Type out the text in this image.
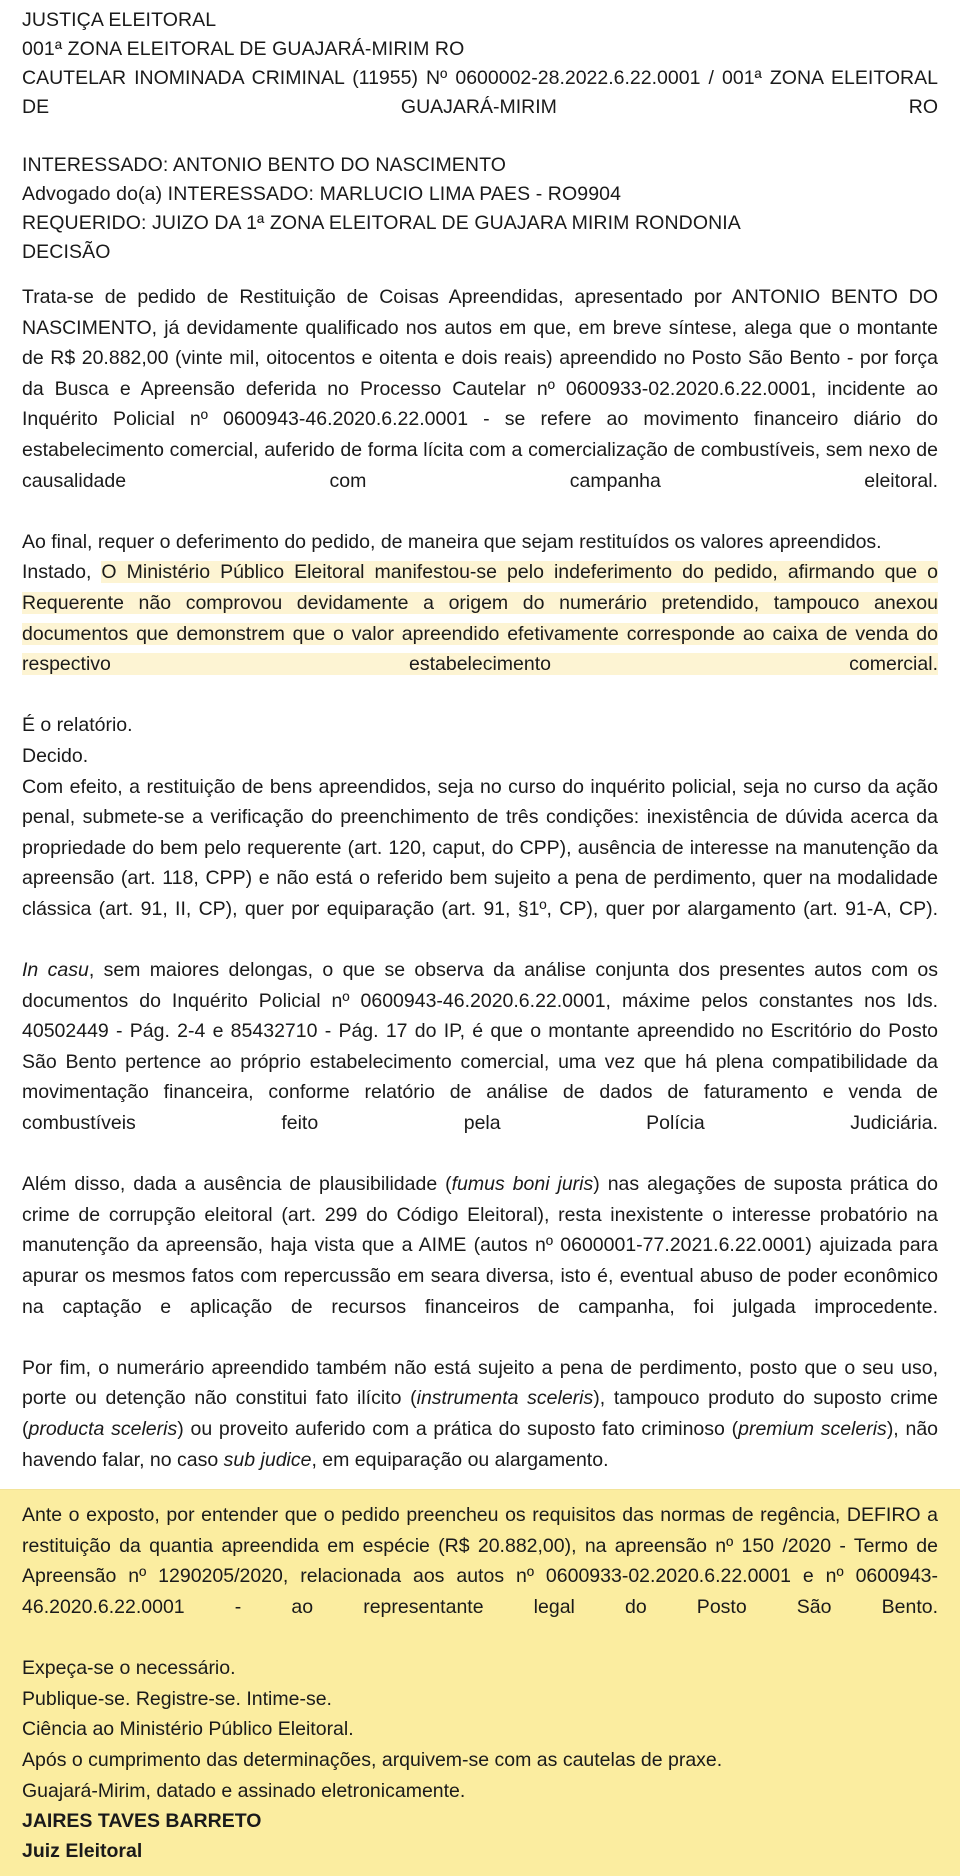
JUSTIÇA ELEITORAL
001ª ZONA ELEITORAL DE GUAJARÁ-MIRIM RO
CAUTELAR INOMINADA CRIMINAL (11955) Nº 0600002-28.2022.6.22.0001 / 001ª ZONA ELEITORAL DE GUAJARÁ-MIRIM RO
INTERESSADO: ANTONIO BENTO DO NASCIMENTO
Advogado do(a) INTERESSADO: MARLUCIO LIMA PAES - RO9904
REQUERIDO: JUIZO DA 1ª ZONA ELEITORAL DE GUAJARA MIRIM RONDONIA
DECISÃO

Trata-se de pedido de Restituição de Coisas Apreendidas, apresentado por ANTONIO BENTO DO NASCIMENTO, já devidamente qualificado nos autos em que, em breve síntese, alega que o montante de R$ 20.882,00 (vinte mil, oitocentos e oitenta e dois reais) apreendido no Posto São Bento - por força da Busca e Apreensão deferida no Processo Cautelar nº 0600933-02.2020.6.22.0001, incidente ao Inquérito Policial nº 0600943-46.2020.6.22.0001 - se refere ao movimento financeiro diário do estabelecimento comercial, auferido de forma lícita com a comercialização de combustíveis, sem nexo de causalidade com campanha eleitoral.

Ao final, requer o deferimento do pedido, de maneira que sejam restituídos os valores apreendidos.

Instado, O Ministério Público Eleitoral manifestou-se pelo indeferimento do pedido, afirmando que o Requerente não comprovou devidamente a origem do numerário pretendido, tampouco anexou documentos que demonstrem que o valor apreendido efetivamente corresponde ao caixa de venda do respectivo estabelecimento comercial.

É o relatório.

Decido.

Com efeito, a restituição de bens apreendidos, seja no curso do inquérito policial, seja no curso da ação penal, submete-se a verificação do preenchimento de três condições: inexistência de dúvida acerca da propriedade do bem pelo requerente (art. 120, caput, do CPP), ausência de interesse na manutenção da apreensão (art. 118, CPP) e não está o referido bem sujeito a pena de perdimento, quer na modalidade clássica (art. 91, II, CP), quer por equiparação (art. 91, §1º, CP), quer por alargamento (art. 91-A, CP).

In casu, sem maiores delongas, o que se observa da análise conjunta dos presentes autos com os documentos do Inquérito Policial nº 0600943-46.2020.6.22.0001, máxime pelos constantes nos Ids. 40502449 - Pág. 2-4 e 85432710 - Pág. 17 do IP, é que o montante apreendido no Escritório do Posto São Bento pertence ao próprio estabelecimento comercial, uma vez que há plena compatibilidade da movimentação financeira, conforme relatório de análise de dados de faturamento e venda de combustíveis feito pela Polícia Judiciária.

Além disso, dada a ausência de plausibilidade (fumus boni juris) nas alegações de suposta prática do crime de corrupção eleitoral (art. 299 do Código Eleitoral), resta inexistente o interesse probatório na manutenção da apreensão, haja vista que a AIME (autos nº 0600001-77.2021.6.22.0001) ajuizada para apurar os mesmos fatos com repercussão em seara diversa, isto é, eventual abuso de poder econômico na captação e aplicação de recursos financeiros de campanha, foi julgada improcedente.

Por fim, o numerário apreendido também não está sujeito a pena de perdimento, posto que o seu uso, porte ou detenção não constitui fato ilícito (instrumenta sceleris), tampouco produto do suposto crime (producta sceleris) ou proveito auferido com a prática do suposto fato criminoso (premium sceleris), não havendo falar, no caso sub judice, em equiparação ou alargamento.

Ante o exposto, por entender que o pedido preencheu os requisitos das normas de regência, DEFIRO a restituição da quantia apreendida em espécie (R$ 20.882,00), na apreensão nº 150 /2020 - Termo de Apreensão nº 1290205/2020, relacionada aos autos nº 0600933-02.2020.6.22.0001 e nº 0600943-46.2020.6.22.0001 - ao representante legal do Posto São Bento.

Expeça-se o necessário.

Publique-se. Registre-se. Intime-se.

Ciência ao Ministério Público Eleitoral.

Após o cumprimento das determinações, arquivem-se com as cautelas de praxe.

Guajará-Mirim, datado e assinado eletronicamente.

JAIRES TAVES BARRETO
Juiz Eleitoral
